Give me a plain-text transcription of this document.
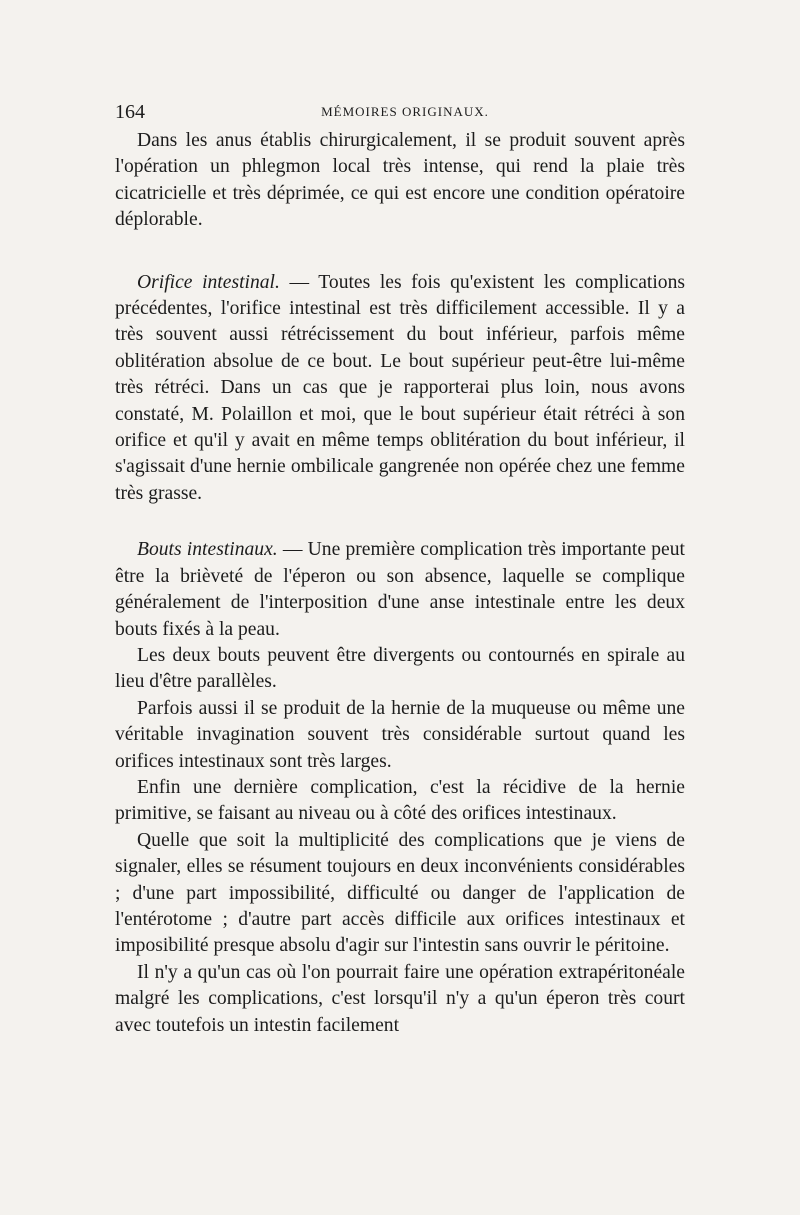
164	MÉMOIRES ORIGINAUX.

Dans les anus établis chirurgicalement, il se produit souvent après l'opération un phlegmon local très intense, qui rend la plaie très cicatricielle et très déprimée, ce qui est encore une condition opératoire déplorable.

Orifice intestinal. — Toutes les fois qu'existent les complications précédentes, l'orifice intestinal est très difficilement accessible. Il y a très souvent aussi rétrécissement du bout inférieur, parfois même oblitération absolue de ce bout. Le bout supérieur peut-être lui-même très rétréci. Dans un cas que je rapporterai plus loin, nous avons constaté, M. Polaillon et moi, que le bout supérieur était rétréci à son orifice et qu'il y avait en même temps oblitération du bout inférieur, il s'agissait d'une hernie ombilicale gangrenée non opérée chez une femme très grasse.

Bouts intestinaux. — Une première complication très importante peut être la brièveté de l'éperon ou son absence, laquelle se complique généralement de l'interposition d'une anse intestinale entre les deux bouts fixés à la peau.

Les deux bouts peuvent être divergents ou contournés en spirale au lieu d'être parallèles.

Parfois aussi il se produit de la hernie de la muqueuse ou même une véritable invagination souvent très considérable surtout quand les orifices intestinaux sont très larges.

Enfin une dernière complication, c'est la récidive de la hernie primitive, se faisant au niveau ou à côté des orifices intestinaux.

Quelle que soit la multiplicité des complications que je viens de signaler, elles se résument toujours en deux inconvénients considérables ; d'une part impossibilité, difficulté ou danger de l'application de l'entérotome ; d'autre part accès difficile aux orifices intestinaux et imposibilité presque absolu d'agir sur l'intestin sans ouvrir le péritoine.

Il n'y a qu'un cas où l'on pourrait faire une opération extrapéritonéale malgré les complications, c'est lorsqu'il n'y a qu'un éperon très court avec toutefois un intestin facilement
